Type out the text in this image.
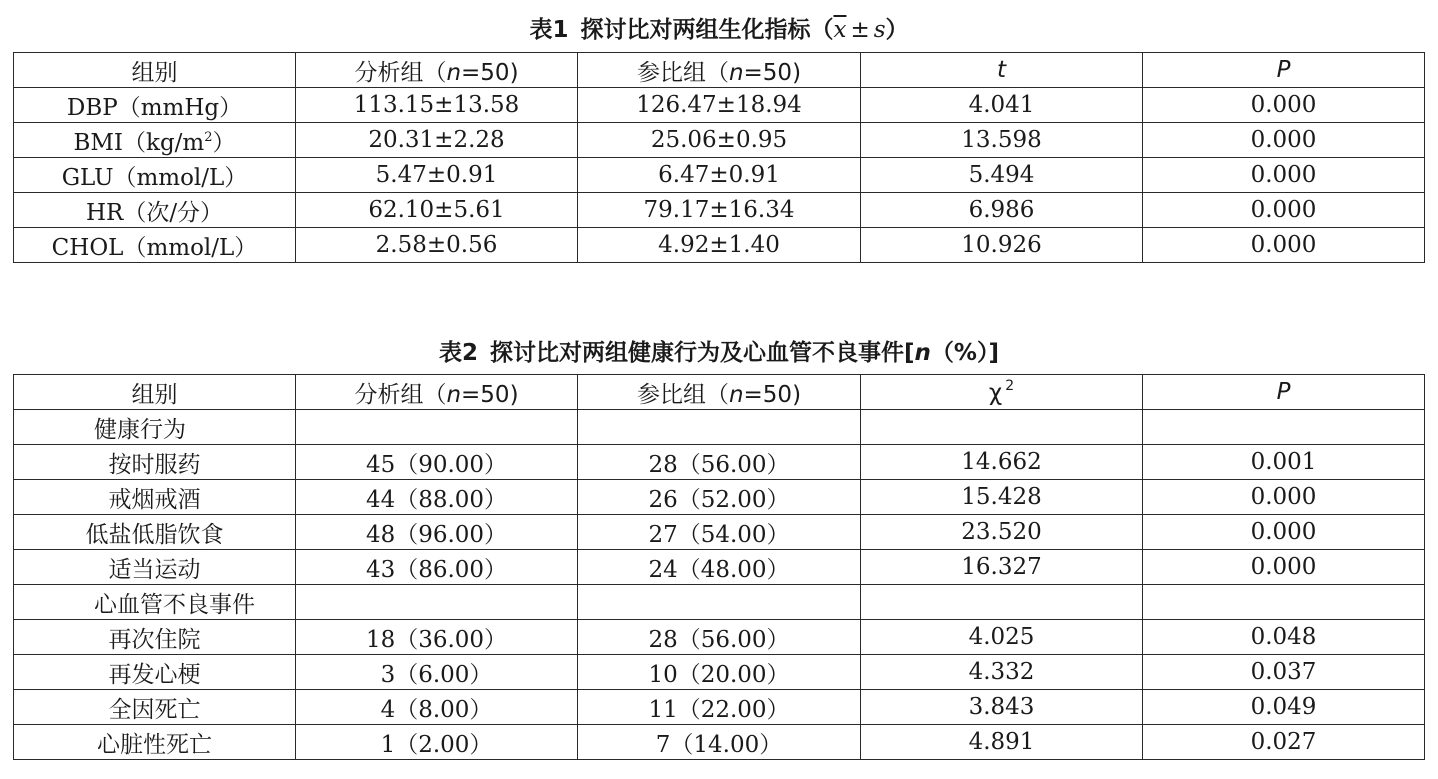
表1 探讨比对两组生化指标$(\overline{x} \pm s)$
组别	分析组（n=50)	参比组（n=50)	t	P
DBP（mmHg）	113.15±13.58	126.47±18.94	4.041	0.000
$BMI(kg/m^2)$	20.31±2.28	25.06±0.95	13.598	0.000
GLU（mmol/L）	5.47±0.91	6.47±0.91	5.494	0.000
HR（次/分）	62.10±5.61	79.17±16.34	6.986	0.000
CHOL（mmol/L）	2.58±0.56	4.92±1.40	10.926	0.000
表2 探讨比对两组健康行为及心血管不良事件[n（%）]
组别	分析组（n=50)	参比组（n=50)	χ $^2$	P
健康行为				
按时服药	45（90.00）	28（56.00）	14.662	0.001
戒烟戒酒	44（88.00）	26（52.00）	15.428	0.000
低盐低脂饮食	48（96.00）	27（54.00）	23.520	0.000
适当运动	43（86.00）	24（48.00）	16.327	0.000
心血管不良事件				
再次住院	18（36.00）	28（56.00）	4.025	0.048
再发心梗	3（6.00）	10（20.00）	4.332	0.037
全因死亡	4（8.00）	11（22.00）	3.843	0.049
心脏性死亡	1（2.00）	7（14.00）	4.891	0.027
